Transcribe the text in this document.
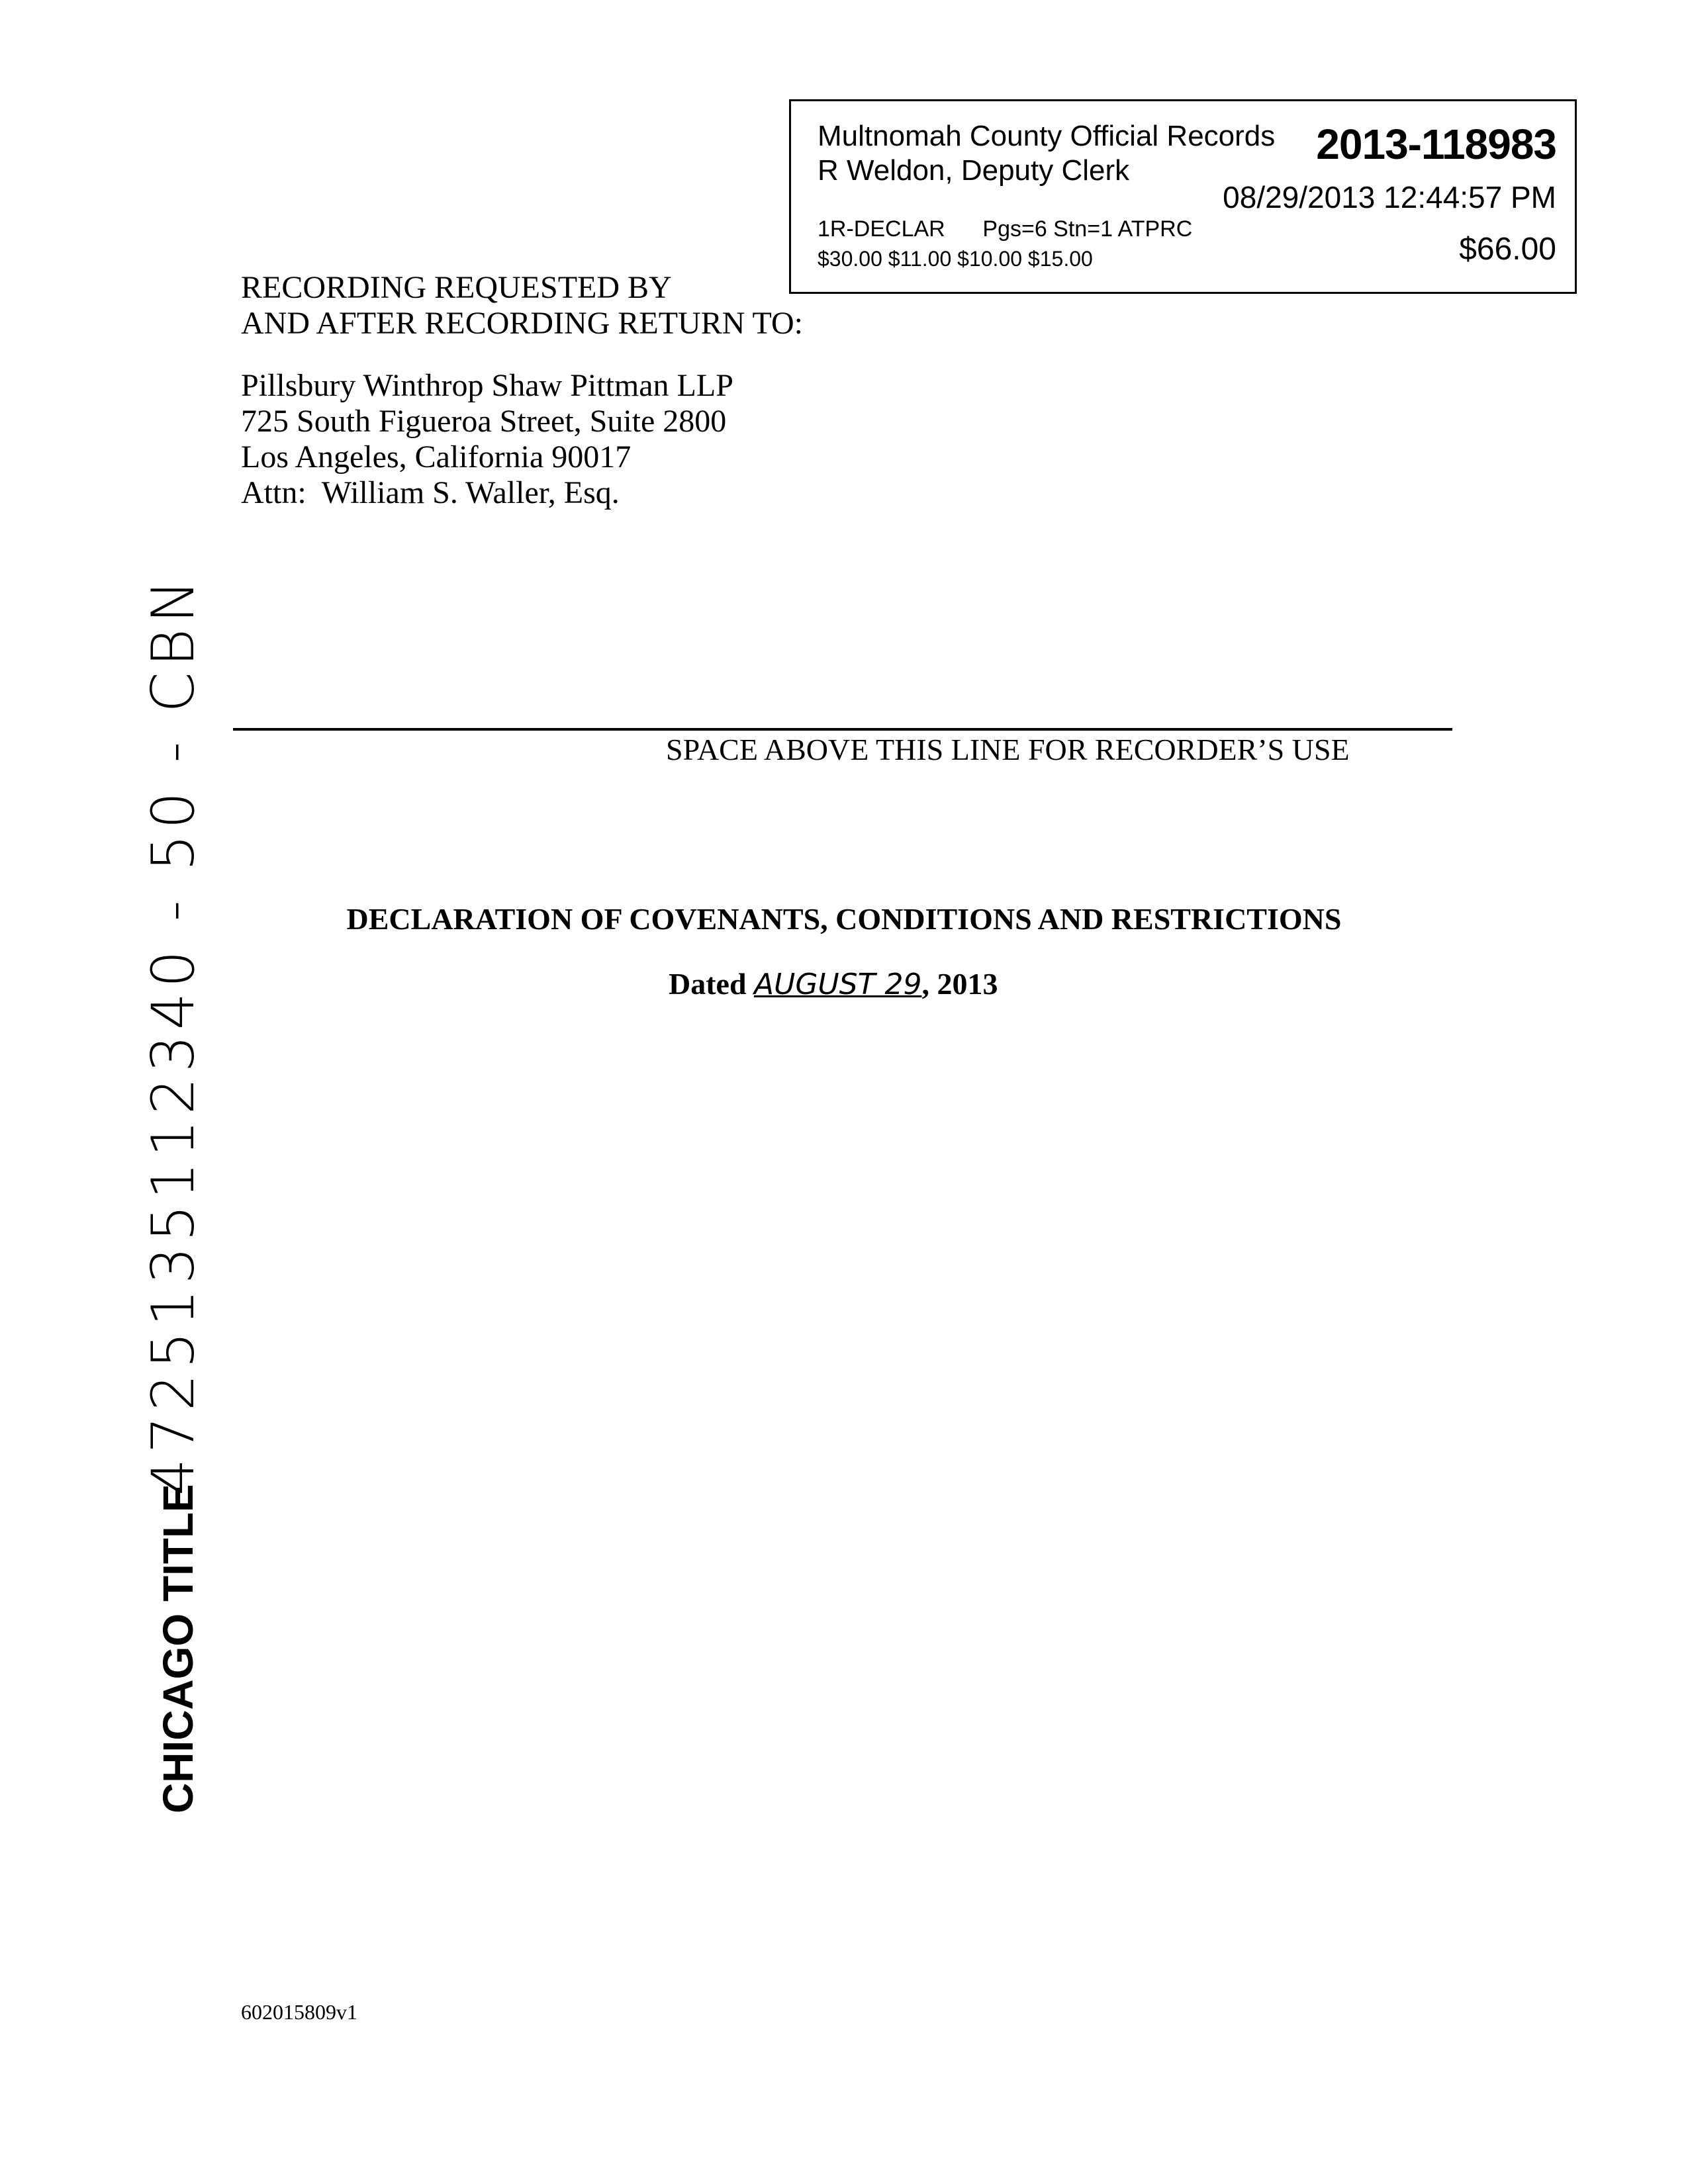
Multnomah County Official Records
R Weldon, Deputy Clerk
2013-118983
08/29/2013 12:44:57 PM
1R-DECLAR      Pgs=6 Stn=1 ATPRC
$30.00 $11.00 $10.00 $15.00	$66.00
RECORDING REQUESTED BY
AND AFTER RECORDING RETURN TO:
Pillsbury Winthrop Shaw Pittman LLP
725 South Figueroa Street, Suite 2800
Los Angeles, California 90017
Attn:  William S. Waller, Esq.
SPACE ABOVE THIS LINE FOR RECORDER’S USE
DECLARATION OF COVENANTS, CONDITIONS AND RESTRICTIONS
Dated AUGUST 29, 2013
4725135112340 - 50 - CBN
CHICAGO TITLE
602015809v1
